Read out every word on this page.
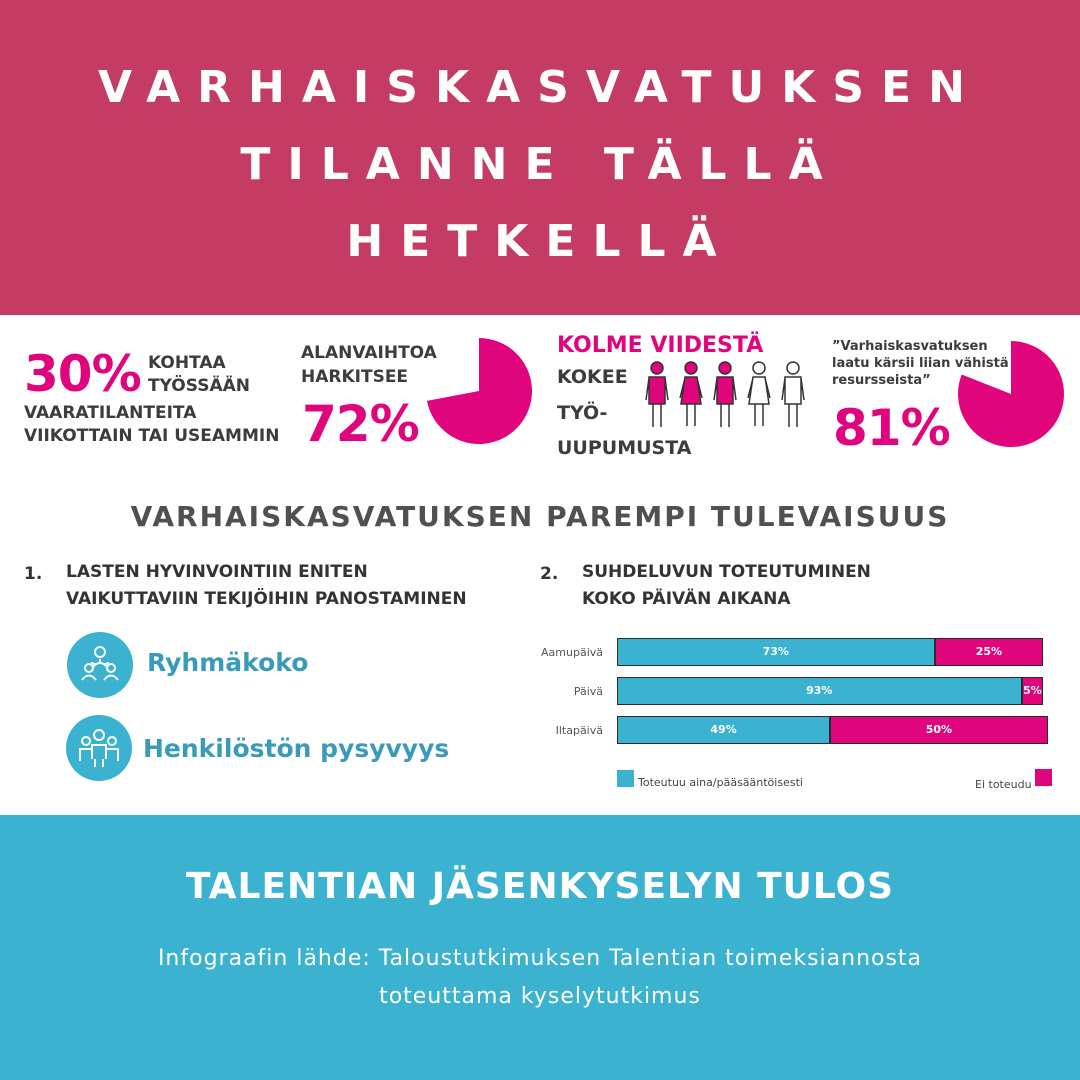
VARHAISKASVATUKSEN
TILANNE TÄLLÄ
HETKELLÄ
30% KOHTAA
TYÖSSÄÄN
VAARATILANTEITA
VIIKOTTAIN TAI USEAMMIN
ALANVAIHTOA
HARKITSEE
72%
KOLME VIIDESTÄ
KOKEE
TYÖ-
UUPUMUSTA
”Varhaiskasvatuksen
laatu kärsii liian vähistä
resursseista”
81%
VARHAISKASVATUKSEN PAREMPI TULEVAISUUS
1. LASTEN HYVINVOINTIIN ENITEN
VAIKUTTAVIIN TEKIJÖIHIN PANOSTAMINEN
Ryhmäkoko
Henkilöstön pysyvyys
2. SUHDELUVUN TOTEUTUMINEN
KOKO PÄIVÄN AIKANA
Aamupäivä	73%	25%
Päivä	93%	5%
Iltapäivä	49%	50%
Toteutuu aina/pääsääntöisesti	Ei toteudu
TALENTIAN JÄSENKYSELYN TULOS
Infograafin lähde: Taloustutkimuksen Talentian toimeksiannosta
toteuttama kyselytutkimus
